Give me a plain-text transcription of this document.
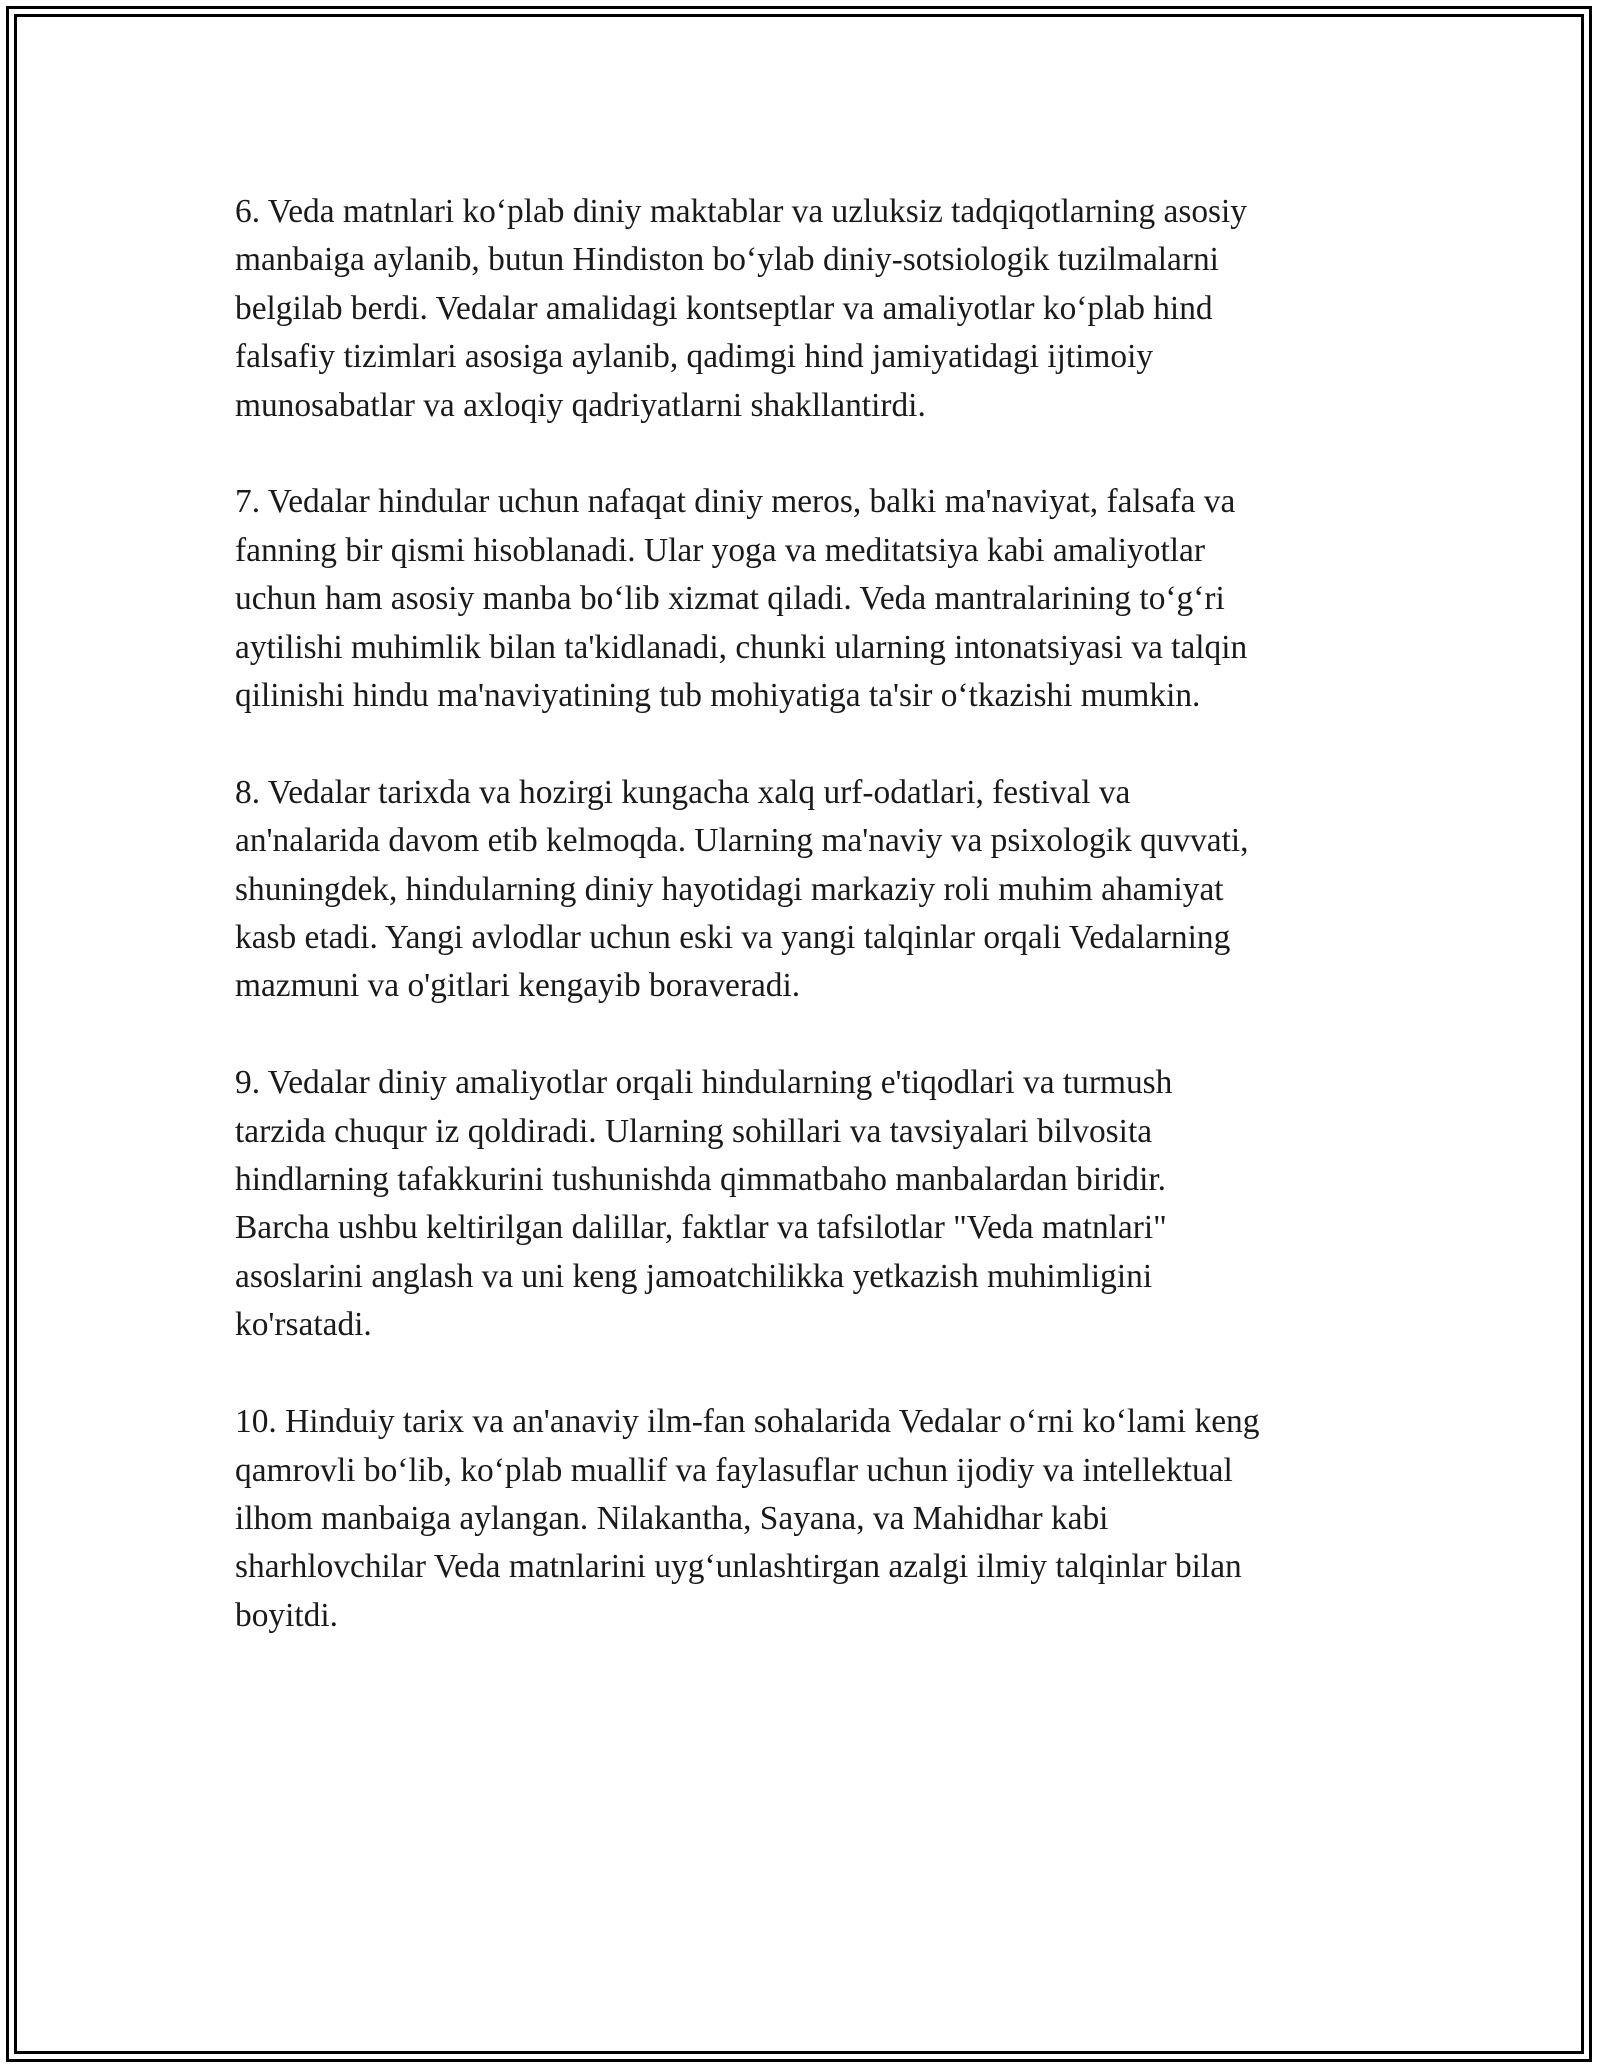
6. Veda matnlari ko‘plab diniy maktablar va uzluksiz tadqiqotlarning asosiy
manbaiga aylanib, butun Hindiston bo‘ylab diniy-sotsiologik tuzilmalarni
belgilab berdi. Vedalar amalidagi kontseptlar va amaliyotlar ko‘plab hind
falsafiy tizimlari asosiga aylanib, qadimgi hind jamiyatidagi ijtimoiy
munosabatlar va axloqiy qadriyatlarni shakllantirdi.

7. Vedalar hindular uchun nafaqat diniy meros, balki ma'naviyat, falsafa va
fanning bir qismi hisoblanadi. Ular yoga va meditatsiya kabi amaliyotlar
uchun ham asosiy manba bo‘lib xizmat qiladi. Veda mantralarining to‘g‘ri
aytilishi muhimlik bilan ta'kidlanadi, chunki ularning intonatsiyasi va talqin
qilinishi hindu ma'naviyatining tub mohiyatiga ta'sir o‘tkazishi mumkin.

8. Vedalar tarixda va hozirgi kungacha xalq urf-odatlari, festival va
an'nalarida davom etib kelmoqda. Ularning ma'naviy va psixologik quvvati,
shuningdek, hindularning diniy hayotidagi markaziy roli muhim ahamiyat
kasb etadi. Yangi avlodlar uchun eski va yangi talqinlar orqali Vedalarning
mazmuni va o'gitlari kengayib boraveradi.

9. Vedalar diniy amaliyotlar orqali hindularning e'tiqodlari va turmush
tarzida chuqur iz qoldiradi. Ularning sohillari va tavsiyalari bilvosita
hindlarning tafakkurini tushunishda qimmatbaho manbalardan biridir.
Barcha ushbu keltirilgan dalillar, faktlar va tafsilotlar "Veda matnlari"
asoslarini anglash va uni keng jamoatchilikka yetkazish muhimligini
ko'rsatadi.

10. Hinduiy tarix va an'anaviy ilm-fan sohalarida Vedalar o‘rni ko‘lami keng
qamrovli bo‘lib, ko‘plab muallif va faylasuflar uchun ijodiy va intellektual
ilhom manbaiga aylangan. Nilakantha, Sayana, va Mahidhar kabi
sharhlovchilar Veda matnlarini uyg‘unlashtirgan azalgi ilmiy talqinlar bilan
boyitdi.
